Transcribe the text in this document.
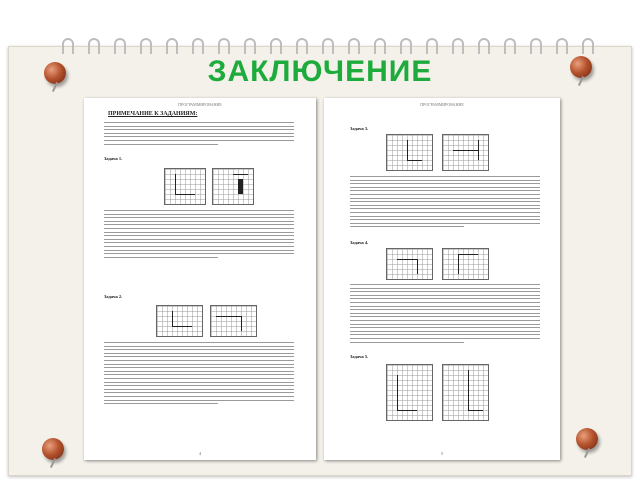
ЗАКЛЮЧЕНИЕ
ПРОГРАММИРОВАНИЕ
ПРИМЕЧАНИЕ К ЗАДАНИЯМ:
Задача 1.
Задача 2.
4
ПРОГРАММИРОВАНИЕ
Задача 3.
Задача 4.
Задача 5.
5
